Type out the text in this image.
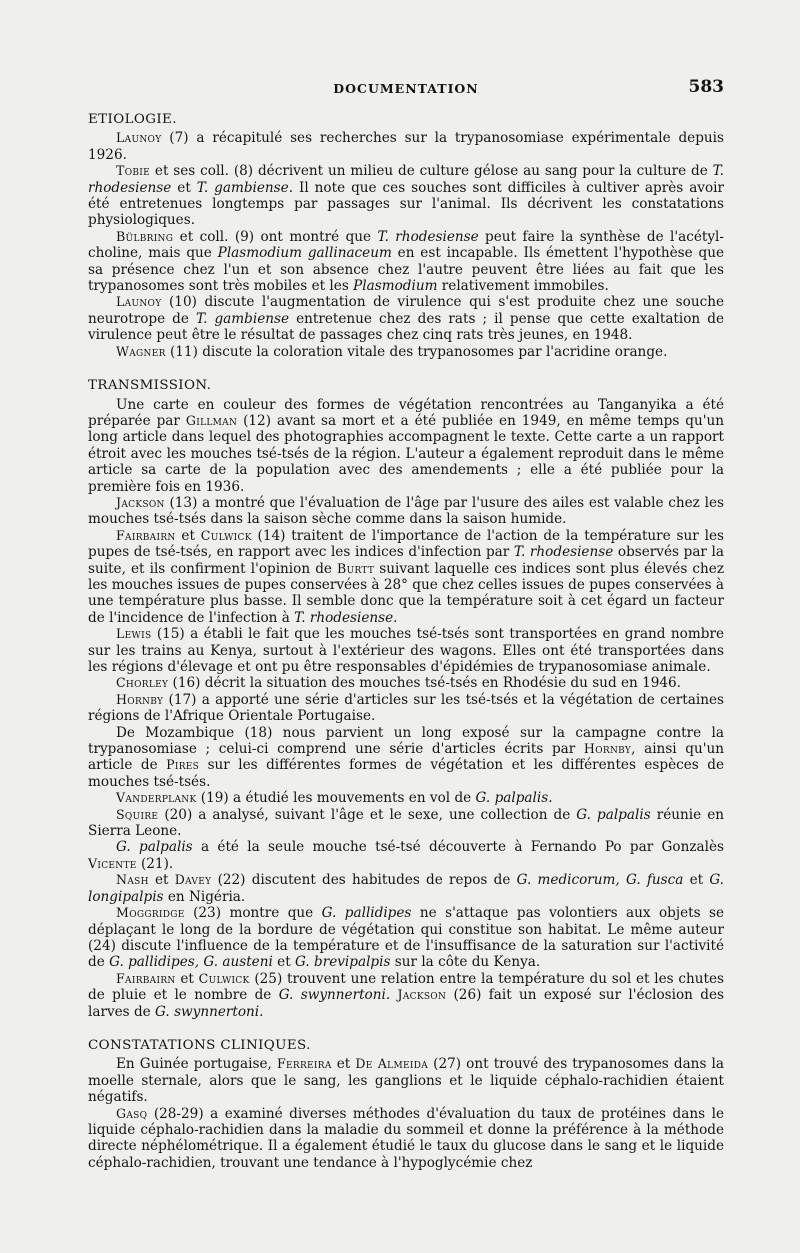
DOCUMENTATION	583
ETIOLOGIE.

Launoy (7) a récapitulé ses recherches sur la trypanosomiase expérimentale depuis 1926.

Tobie et ses coll. (8) décrivent un milieu de culture gélose au sang pour la culture de T. rhodesiense et T. gambiense. Il note que ces souches sont difficiles à cultiver après avoir été entretenues longtemps par passages sur l'animal. Ils décrivent les constatations physiologiques.

Bülbring et coll. (9) ont montré que T. rhodesiense peut faire la synthèse de l'acétyl-choline, mais que Plasmodium gallinaceum en est incapable. Ils émettent l'hypothèse que sa présence chez l'un et son absence chez l'autre peuvent être liées au fait que les trypanosomes sont très mobiles et les Plasmodium relativement immobiles.

Launoy (10) discute l'augmentation de virulence qui s'est produite chez une souche neurotrope de T. gambiense entretenue chez des rats ; il pense que cette exaltation de virulence peut être le résultat de passages chez cinq rats très jeunes, en 1948.

Wagner (11) discute la coloration vitale des trypanosomes par l'acridine orange.

TRANSMISSION.

Une carte en couleur des formes de végétation rencontrées au Tanganyika a été préparée par Gillman (12) avant sa mort et a été publiée en 1949, en même temps qu'un long article dans lequel des photographies accompagnent le texte. Cette carte a un rapport étroit avec les mouches tsé-tsés de la région. L'auteur a également reproduit dans le même article sa carte de la population avec des amendements ; elle a été publiée pour la première fois en 1936.

Jackson (13) a montré que l'évaluation de l'âge par l'usure des ailes est valable chez les mouches tsé-tsés dans la saison sèche comme dans la saison humide.

Fairbairn et Culwick (14) traitent de l'importance de l'action de la température sur les pupes de tsé-tsés, en rapport avec les indices d'infection par T. rhodesiense observés par la suite, et ils confirment l'opinion de Burtt suivant laquelle ces indices sont plus élevés chez les mouches issues de pupes conservées à 28° que chez celles issues de pupes conservées à une température plus basse. Il semble donc que la température soit à cet égard un facteur de l'incidence de l'infection à T. rhodesiense.

Lewis (15) a établi le fait que les mouches tsé-tsés sont transportées en grand nombre sur les trains au Kenya, surtout à l'extérieur des wagons. Elles ont été transportées dans les régions d'élevage et ont pu être responsables d'épidémies de trypanosomiase animale.

Chorley (16) décrit la situation des mouches tsé-tsés en Rhodésie du sud en 1946.

Hornby (17) a apporté une série d'articles sur les tsé-tsés et la végétation de certaines régions de l'Afrique Orientale Portugaise.

De Mozambique (18) nous parvient un long exposé sur la campagne contre la trypanosomiase ; celui-ci comprend une série d'articles écrits par Hornby, ainsi qu'un article de Pires sur les différentes formes de végétation et les différentes espèces de mouches tsé-tsés.

Vanderplank (19) a étudié les mouvements en vol de G. palpalis.

Squire (20) a analysé, suivant l'âge et le sexe, une collection de G. palpalis réunie en Sierra Leone.

G. palpalis a été la seule mouche tsé-tsé découverte à Fernando Po par Gonzalès Vicente (21).

Nash et Davey (22) discutent des habitudes de repos de G. medicorum, G. fusca et G. longipalpis en Nigéria.

Moggridge (23) montre que G. pallidipes ne s'attaque pas volontiers aux objets se déplaçant le long de la bordure de végétation qui constitue son habitat. Le même auteur (24) discute l'influence de la température et de l'insuffisance de la saturation sur l'activité de G. pallidipes, G. austeni et G. brevipalpis sur la côte du Kenya.

Fairbairn et Culwick (25) trouvent une relation entre la température du sol et les chutes de pluie et le nombre de G. swynnertoni. Jackson (26) fait un exposé sur l'éclosion des larves de G. swynnertoni.

CONSTATATIONS CLINIQUES.

En Guinée portugaise, Ferreira et De Almeida (27) ont trouvé des trypanosomes dans la moelle sternale, alors que le sang, les ganglions et le liquide céphalo-rachidien étaient négatifs.

Gasq (28-29) a examiné diverses méthodes d'évaluation du taux de protéines dans le liquide céphalo-rachidien dans la maladie du sommeil et donne la préférence à la méthode directe néphélométrique. Il a également étudié le taux du glucose dans le sang et le liquide céphalo-rachidien, trouvant une tendance à l'hypoglycémie chez
